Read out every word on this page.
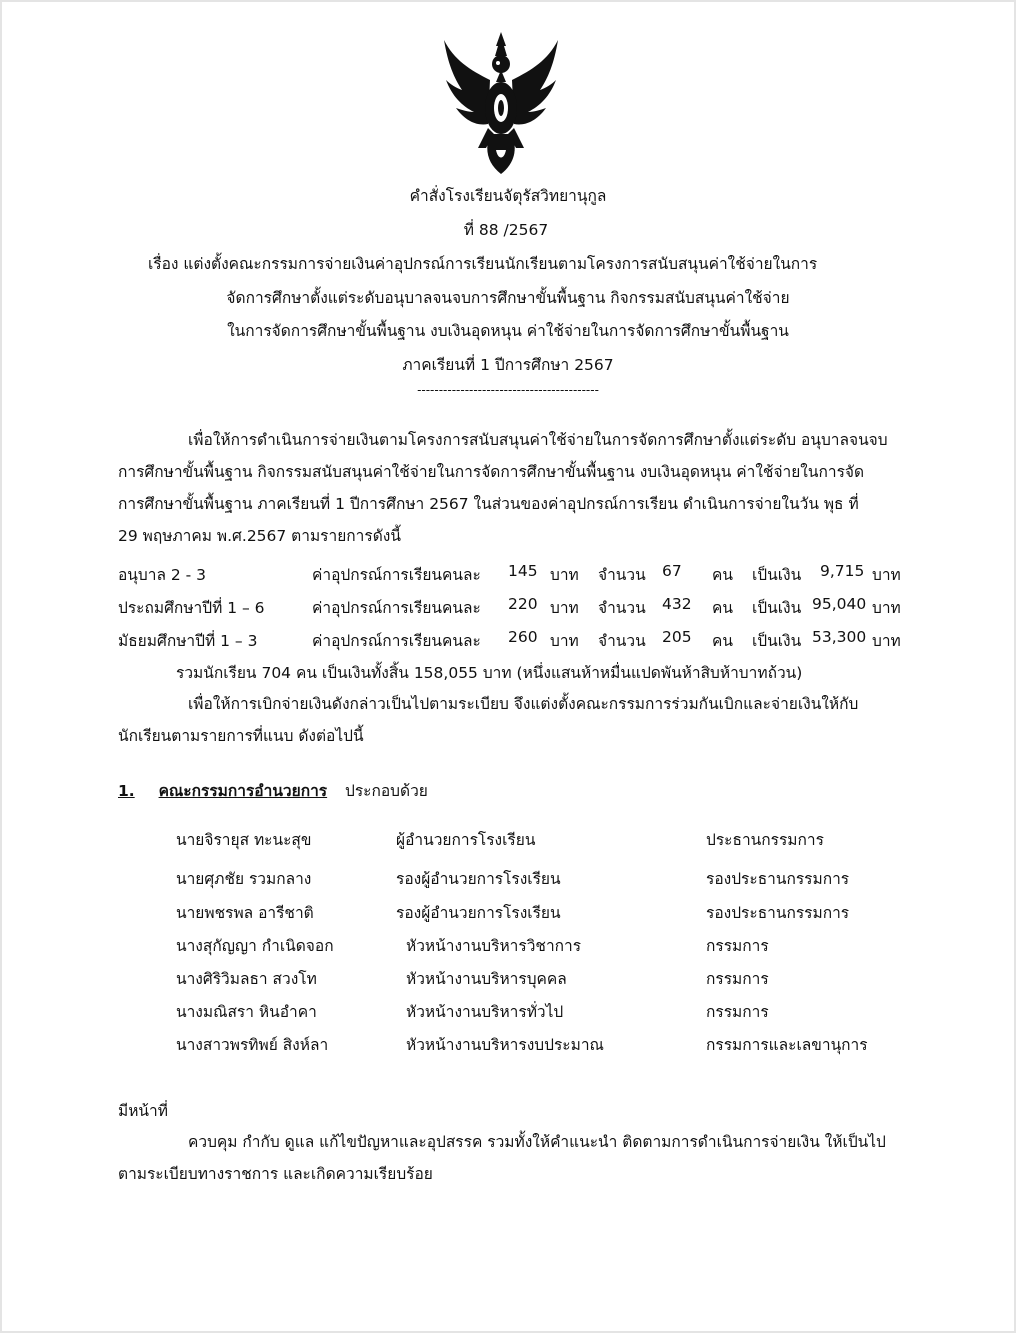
คำสั่งโรงเรียนจัตุรัสวิทยานุกูล
ที่ 88 /2567
เรื่อง แต่งตั้งคณะกรรมการจ่ายเงินค่าอุปกรณ์การเรียนนักเรียนตามโครงการสนับสนุนค่าใช้จ่ายในการ
จัดการศึกษาตั้งแต่ระดับอนุบาลจนจบการศึกษาขั้นพื้นฐาน กิจกรรมสนับสนุนค่าใช้จ่าย
ในการจัดการศึกษาขั้นพื้นฐาน งบเงินอุดหนุน ค่าใช้จ่ายในการจัดการศึกษาขั้นพื้นฐาน
ภาคเรียนที่ 1 ปีการศึกษา 2567
------------------------------------------
เพื่อให้การดำเนินการจ่ายเงินตามโครงการสนับสนุนค่าใช้จ่ายในการจัดการศึกษาตั้งแต่ระดับ อนุบาลจนจบ
การศึกษาขั้นพื้นฐาน กิจกรรมสนับสนุนค่าใช้จ่ายในการจัดการศึกษาขั้นพื้นฐาน งบเงินอุดหนุน ค่าใช้จ่ายในการจัด
การศึกษาขั้นพื้นฐาน ภาคเรียนที่ 1 ปีการศึกษา 2567 ในส่วนของค่าอุปกรณ์การเรียน ดำเนินการจ่ายในวัน พุธ ที่
29 พฤษภาคม พ.ศ.2567 ตามรายการดังนี้
อนุบาล 2 - 3	ค่าอุปกรณ์การเรียนคนละ 145 บาท จำนวน 67 คน เป็นเงิน 9,715 บาท
ประถมศึกษาปีที่ 1 – 6	ค่าอุปกรณ์การเรียนคนละ 220 บาท จำนวน 432 คน เป็นเงิน 95,040 บาท
มัธยมศึกษาปีที่ 1 – 3	ค่าอุปกรณ์การเรียนคนละ 260 บาท จำนวน 205 คน เป็นเงิน 53,300 บาท
รวมนักเรียน 704 คน เป็นเงินทั้งสิ้น 158,055 บาท (หนึ่งแสนห้าหมื่นแปดพันห้าสิบห้าบาทถ้วน)
เพื่อให้การเบิกจ่ายเงินดังกล่าวเป็นไปตามระเบียบ จึงแต่งตั้งคณะกรรมการร่วมกันเบิกและจ่ายเงินให้กับ
นักเรียนตามรายการที่แนบ ดังต่อไปนี้
1. คณะกรรมการอำนวยการ ประกอบด้วย
นายจิรายุส ทะนะสุข	ผู้อำนวยการโรงเรียน	ประธานกรรมการ
นายศุภชัย รวมกลาง	รองผู้อำนวยการโรงเรียน	รองประธานกรรมการ
นายพชรพล อารีชาติ	รองผู้อำนวยการโรงเรียน	รองประธานกรรมการ
นางสุกัญญา กำเนิดจอก	หัวหน้างานบริหารวิชาการ	กรรมการ
นางศิริวิมลธา สวงโท	หัวหน้างานบริหารบุคคล	กรรมการ
นางมณิสรา หินอำคา	หัวหน้างานบริหารทั่วไป	กรรมการ
นางสาวพรทิพย์ สิงห์ลา	หัวหน้างานบริหารงบประมาณ	กรรมการและเลขานุการ
มีหน้าที่
ควบคุม กำกับ ดูแล แก้ไขปัญหาและอุปสรรค รวมทั้งให้คำแนะนำ ติดตามการดำเนินการจ่ายเงิน ให้เป็นไป
ตามระเบียบทางราชการ และเกิดความเรียบร้อย
